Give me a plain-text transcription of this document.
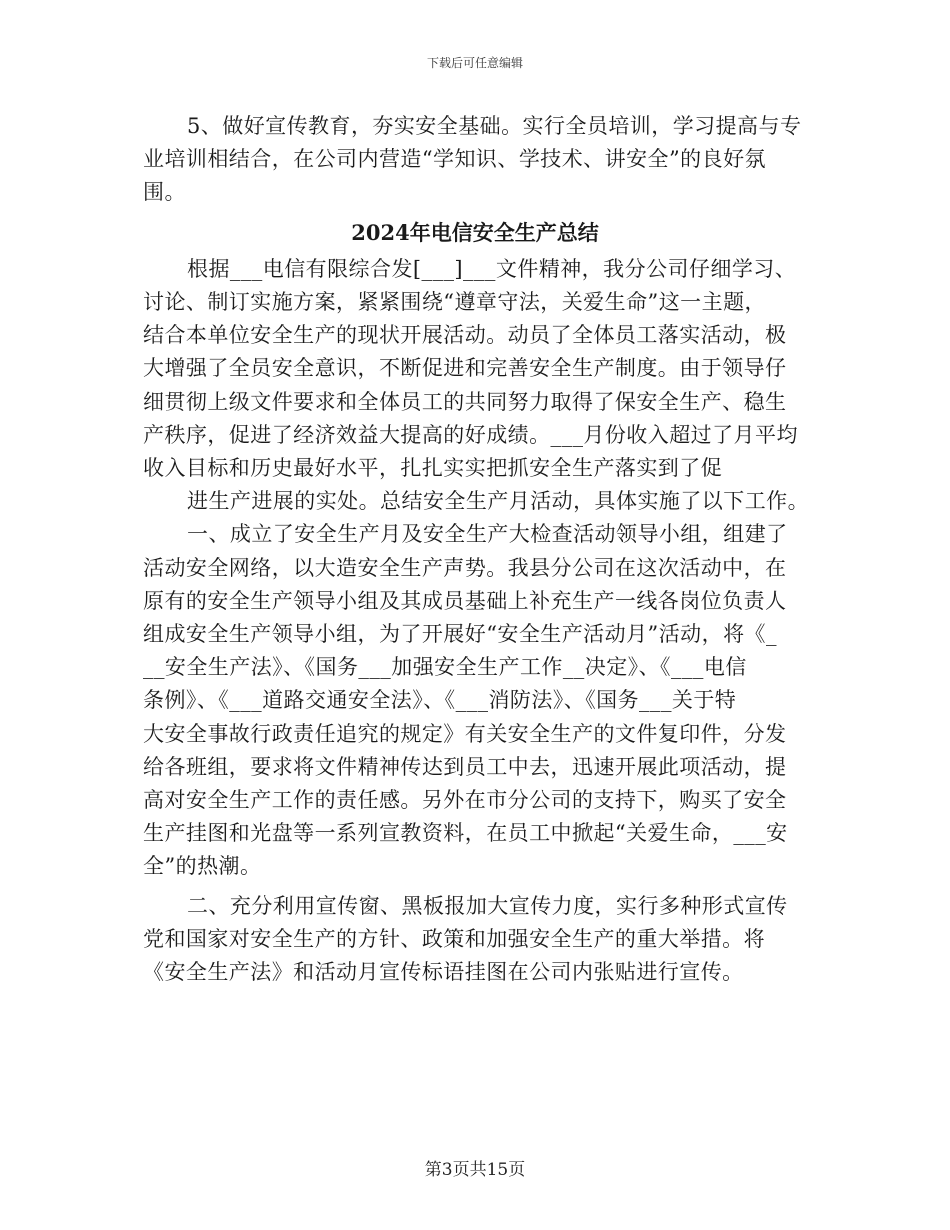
下载后可任意编辑
5、做好宣传教育，夯实安全基础。实行全员培训，学习提高与专
业培训相结合，在公司内营造“学知识、学技术、讲安全”的良好氛
围。
2024年电信安全生产总结
根据___电信有限综合发[___]___文件精神，我分公司仔细学习、
讨论、制订实施方案，紧紧围绕“遵章守法，关爱生命”这一主题，
结合本单位安全生产的现状开展活动。动员了全体员工落实活动，极
大增强了全员安全意识，不断促进和完善安全生产制度。由于领导仔
细贯彻上级文件要求和全体员工的共同努力取得了保安全生产、稳生
产秩序，促进了经济效益大提高的好成绩。___月份收入超过了月平均
收入目标和历史最好水平，扎扎实实把抓安全生产落实到了促
进生产进展的实处。总结安全生产月活动，具体实施了以下工作。
一、成立了安全生产月及安全生产大检查活动领导小组，组建了
活动安全网络，以大造安全生产声势。我县分公司在这次活动中，在
原有的安全生产领导小组及其成员基础上补充生产一线各岗位负责人
组成安全生产领导小组，为了开展好“安全生产活动月”活动，将《_
__安全生产法》、《国务___加强安全生产工作__决定》、《___电信
条例》、《___道路交通安全法》、《___消防法》、《国务___关于特
大安全事故行政责任追究的规定》有关安全生产的文件复印件，分发
给各班组，要求将文件精神传达到员工中去，迅速开展此项活动，提
高对安全生产工作的责任感。另外在市分公司的支持下，购买了安全
生产挂图和光盘等一系列宣教资料，在员工中掀起“关爱生命，___安
全”的热潮。
二、充分利用宣传窗、黑板报加大宣传力度，实行多种形式宣传
党和国家对安全生产的方针、政策和加强安全生产的重大举措。将
《安全生产法》和活动月宣传标语挂图在公司内张贴进行宣传。
第3页共15页
